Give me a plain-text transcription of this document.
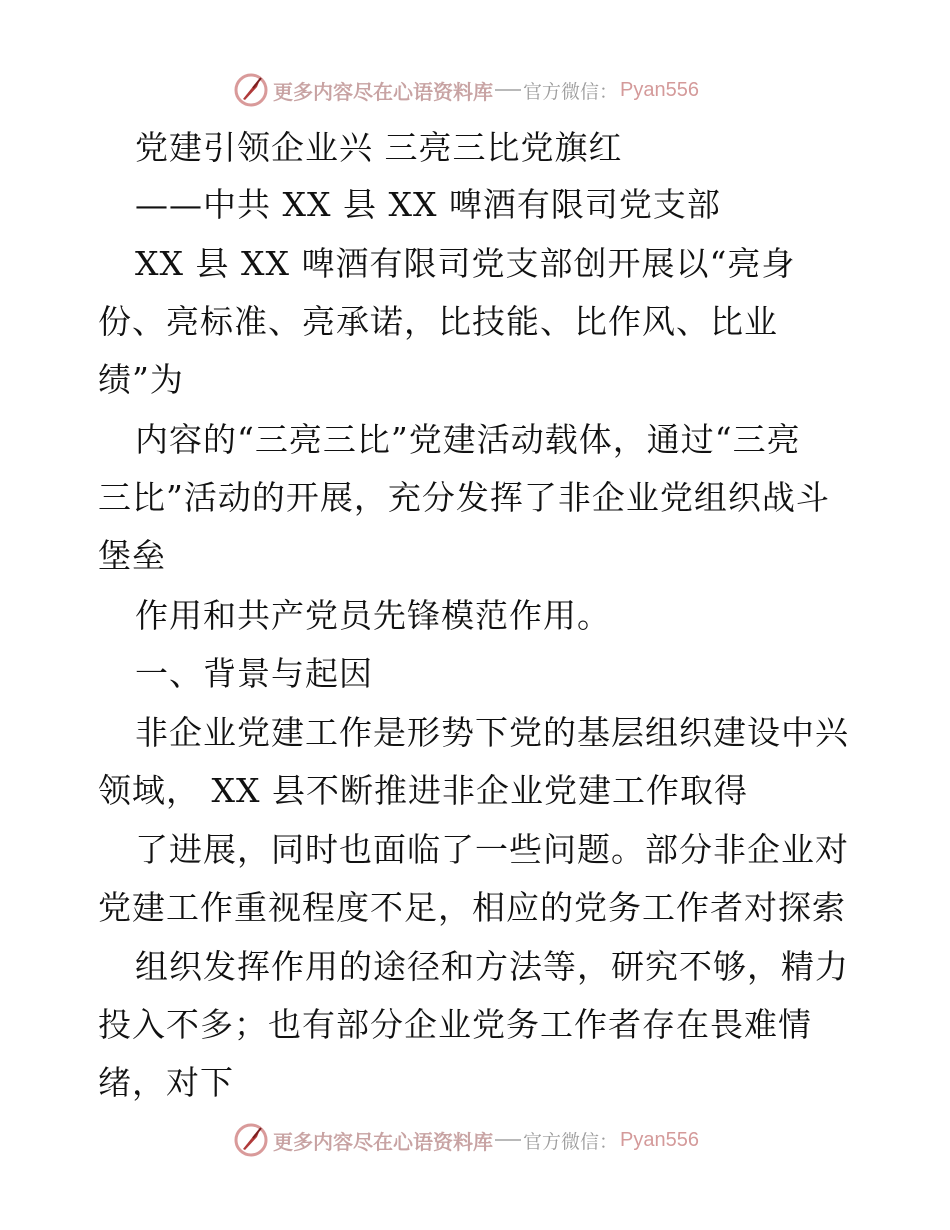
更多内容尽在心语资料库 官方微信： Pyan556
党建引领企业兴 三亮三比党旗红
——中共 XX 县 XX 啤酒有限司党支部
XX 县 XX 啤酒有限司党支部创开展以“亮身
份、亮标准、亮承诺，比技能、比作风、比业
绩”为
内容的“三亮三比”党建活动载体，通过“三亮
三比”活动的开展，充分发挥了非企业党组织战斗
堡垒
作用和共产党员先锋模范作用。
一、背景与起因
非企业党建工作是形势下党的基层组织建设中兴
领域， XX 县不断推进非企业党建工作取得
了进展，同时也面临了一些问题。部分非企业对
党建工作重视程度不足，相应的党务工作者对探索
组织发挥作用的途径和方法等，研究不够，精力
投入不多；也有部分企业党务工作者存在畏难情
绪，对下
更多内容尽在心语资料库 官方微信： Pyan556
